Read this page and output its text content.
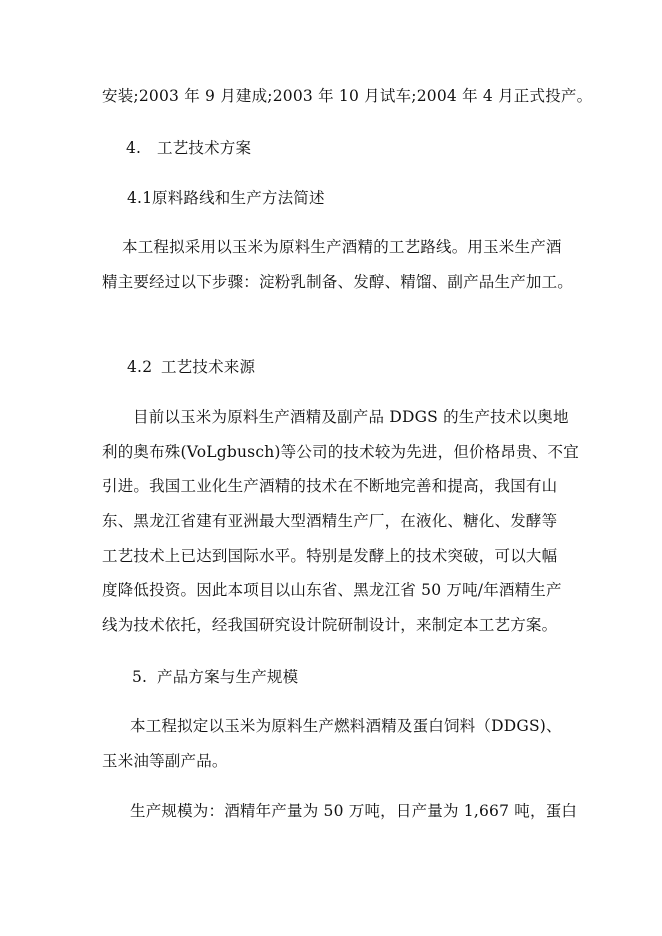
安装;2003 年 9 月建成;2003 年 10 月试车;2004 年 4 月正式投产。
4. 工艺技术方案
4.1 原料路线和生产方法简述
本工程拟采用以玉米为原料生产酒精的工艺路线。用玉米生产酒
精主要经过以下步骤：淀粉乳制备、发醇、精馏、副产品生产加工。
4.2 工艺技术来源
目前以玉米为原料生产酒精及副产品 DDGS 的生产技术以奥地
利的奥布殊(VoLgbusch)等公司的技术较为先进，但价格昂贵、不宜
引进。我国工业化生产酒精的技术在不断地完善和提高，我国有山
东、黑龙江省建有亚洲最大型酒精生产厂，在液化、糖化、发酵等
工艺技术上已达到国际水平。特别是发酵上的技术突破，可以大幅
度降低投资。因此本项目以山东省、黑龙江省 50 万吨/年酒精生产
线为技术依托，经我国研究设计院研制设计，来制定本工艺方案。
5. 产品方案与生产规模
本工程拟定以玉米为原料生产燃料酒精及蛋白饲料（DDGS)、
玉米油等副产品。
生产规模为：酒精年产量为 50 万吨，日产量为 1,667 吨，蛋白
